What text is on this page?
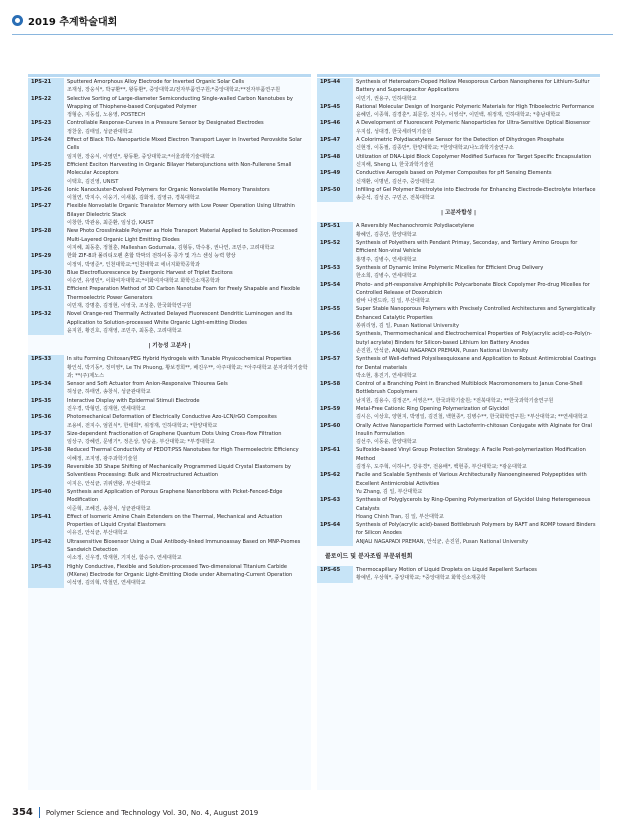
2019 추계학술대회
1PS-21	Sputtered Amorphous Alloy Electrode for Inverted Organic Solar Cells
조재성, 장웅식*, 박규환**, 왕동환*, 중앙대학교/전자부품연구원;*중앙대학교;**전자부품연구원
1PS-22	Selective Sorting of Large-diameter Semiconducting Single-walled Carbon Nanotubes by Wrapping of Thiophene-based Conjugated Polymer
정형순, 지동섭, 노용영, POSTECH
1PS-23	Controllable Response-Curves in a Pressure Sensor by Designated Electrodes
정찬울, 김태일, 성균관대학교
1PS-24	Effect of Black TiO₂ Nanoparticle Mixed Electron Transport Layer in Inverted Perovskite Solar Cells
임지헌, 장웅식, 이영민*, 왕동환, 중앙대학교;*서울과학기술대학교
1PS-25	Efficient Exciton Harvesting in Organic Bilayer Heterojunctions with Non-Fullerene Small Molecular Acceptors
이택호, 김진영, UNIST
1PS-26	Ionic Nanocluster-Evolved Polymers for Organic Nonvolatile Memory Transistors
이철연, 박지수, 이웅기, 이새봄, 김화정, 김영규, 경북대학교
1PS-27	Flexible Nonvolatile Organic Transistor Memory with Low Power Operation Using Ultrathin Bilayer Dielectric Stack
이창한, 박관용, 최준환, 임성갑, KAIST
1PS-28	New Photo Crosslinkable Polymer as Hole Transport Material Applied to Solution-Processed Multi-Layered Organic Light Emitting Diodes
이지혜, 최동훈, 정철훈, Malleshan Godumala, 김형동, 박수홍, 권나연, 조민주, 고려대학교
1PS-29	한화 ZIF-8과 폴리티오펜 혼합 박막의 전하이동 증가 및 가스 센싱 능력 향상
이정익, 박영준*, 인천대학교;*인천대학교 에너지화학공학과
1PS-30	Blue Electrofluorescence by Exergonic Harvest of Triplet Excitons
이승연, 유영민*, 이화여자대학교;*이화여자대학교 화학신소재공학과
1PS-31	Efficient Preparation Method of 3D Carbon Nanotube Foam for Freely Shapable and Flexible Thermoelectric Power Generators
이민재, 강명훈, 김정현, 이영국, 조성훈, 한국화학연구원
1PS-32	Novel Orange-red Thermally Activated Delayed Fluorescent Dendritic Luminogen and Its Application to Solution-processed White Organic Light-emitting Diodes
윤지원, 황진호, 김재영, 조민주, 최동훈, 고려대학교
| 기능성 고분자 |
1PS-33	In situ Forming Chitosan/PEG Hybrid Hydrogels with Tunable Physicochemical Properties
황인석, 박기동*, 정미영*, Le Thi Phuong, 황보경희**, 배진우**, 아주대학교; *아주대학교 분자과학기술학과; **(주)제노스
1PS-34	Sensor and Soft Actuator from Anion-Responsive Thiourea Gels
허성균, 하태연, 송창식, 성균관대학교
1PS-35	Interactive Display with Epidermal Stimuli Electrode
진우경, 박형민, 김재현, 연세대학교
1PS-36	Photomechanical Deformation of Electrically Conductive Azo-LCN/rGO Composites
조용비, 전지수, 엄원식*, 한태희*, 위정재, 인하대학교; *한양대학교
1PS-37	Size-dependent Fractionation of Graphene Quantum Dots Using Cross-flow Filtration
임상구, 강혜린, 문병기*, 정은상, 양승윤, 부산대학교; *부경대학교
1PS-38	Reduced Thermal Conductivity of PEDOT:PSS Nanotubes for High Thermoelectric Efficiency
이혜정, 조지영, 광주과학기술원
1PS-39	Reversible 3D Shape Shifting of Mechanically Programmed Liquid Crystal Elastomers by Solventless Processing: Bulk and Microstructured Actuation
이지은, 안석균, 귀위엔왕, 부산대학교
1PS-40	Synthesis and Application of Porous Graphene Nanoribbons with Picket-Fenced-Edge Modification
이준혁, 조혜진, 송창식, 성균관대학교
1PS-41	Effect of Isomeric Amine Chain Extenders on the Thermal, Mechanical and Actuation Properties of Liquid Crystal Elastomers
이유진, 안석균, 부산대학교
1PS-42	Ultrasensitive Biosensor Using a Dual Antibody-linked Immunoassay Based on MNP-Psomes Sandwich Detection
이소정, 신우경, 박재현, 기지선, 함승주, 연세대학교
1PS-43	Highly Conductive, Flexible and Solution-processed Two-dimensional Titanium Carbide (MXene) Electrode for Organic Light-Emitting Diode under Alternating-Current Operation
이석영, 김의혁, 박철민, 연세대학교
1PS-44	Synthesis of Heteroatom-Doped Hollow Mesoporous Carbon Nanospheres for Lithium-Sulfur Battery and Supercapacitor Applications
이민기, 권용구, 인하대학교
1PS-45	Rational Molecular Design of Inorganic Polymeric Materials for High Triboelectric Performance
윤혜민, 이종혁, 김경훈*, 최문강, 전지수, 이영석*, 이민백, 위정재, 인하대학교; *충남대학교
1PS-46	A Development of Fluorescent Polymeric Nanoparticles for Ultra-Sensitive Optical Biosensor
우지섭, 성대경, 한국세라믹기술원
1PS-47	A Colorimetric Polydiacetylene Sensor for the Detection of Dihydrogen Phosphate
신현정, 이동필, 김종만*, 한양대학교; *한양대학교/나노과학기술연구소
1PS-48	Utilization of DNA-Lipid Block Copolymer Modified Surfaces for Target Specific Encapsulation
신지해, Sheng Li, 한국과학기술원
1PS-49	Conductive Aerogels based on Polymer Composites for pH Sensing Elements
신재환, 이명빈, 김선주, 중앙대학교
1PS-50	Infilling of Gel Polymer Electrolyte into Electrode for Enhancing Electrode-Electrolyte Interface
송준석, 김성곤, 구민곤, 전북대학교
| 고분자합성 |
1PS-51	A Reversibly Mechanochromic Polydiacetylene
황혜인, 김종만, 한양대학교
1PS-52	Synthesis of Polyethers with Pendant Primay, Seconday, and Tertiary Amino Groups for Efficient Non-viral Vehicle
홍명주, 김병수, 연세대학교
1PS-53	Synthesis of Dynamic Imine Polymeric Micelles for Efficient Drug Delivery
한소희, 김병수, 연세대학교
1PS-54	Photo- and pH-responsive Amphiphilic Polycarbonate Block Copolymer Pro-drug Micelles for Controlled Release of Doxorubicin
칼바 나겐드라, 김 일, 부산대학교
1PS-55	Super Stable Nanoporous Polymers with Precisely Controlled Architectures and Synergistically Enhanced Catalytic Properties
쏭위리엉, 김 일, Pusan National University
1PS-56	Synthesis, Thermomechanical and Electrochemical Properties of Poly(acrylic acid)-co-Poly(n-butyl acrylate) Binders for Silicon-based Lithium Ion Battery Anodes
손진원, 안석균, ANJALI NAGAPADI PREMAN, Pusan National University
1PS-57	Synthesis of Well-defined Polysilsesquioxane and Application to Robust Antimicrobial Coatings for Dental materials
박소현, 홍진기, 연세대학교
1PS-58	Control of a Branching Point in Branched Multiblock Macromonomers to Janus Cone-Shell Bottlebrush Copolymers
남지원, 김용수, 김정곤*, 서영은**, 한국과학기술원; *전북대학교; **한국과학기술연구원
1PS-59	Metal-Free Cationic Ring Opening Polymerization of Glycidol
김시은, 이상호, 양현지, 박영일, 김진철, 백현종*, 김병수**, 한국화학연구원; *부산대학교; **연세대학교
1PS-60	Orally Active Nanoparticle Formed with Lactoferrin-chitosan Conjugate with Alginate for Oral Insulin Formulation
김선주, 이동윤, 한양대학교
1PS-61	Sulfoxide-based Vinyl Group Protection Strategy: A Facile Post-polymerization Modification Method
김정우, 도주혁, 이하나*, 강유경*, 전용배*, 백현종, 부산대학교; *광운대학교
1PS-62	Facile and Scalable Synthesis of Various Architecturally Nanoengineered Polypeptides with Excellent Antimicrobial Activities
Yu Zhang, 김 일, 부산대학교
1PS-63	Synthesis of Polyglycerols by Ring-Opening Polymerization of Glycidol Using Heterogeneous Catalysts
Hoang Chinh Tran, 김 일, 부산대학교
1PS-64	Synthesis of Poly(acrylic acid)-based Bottlebrush Polymers by RAFT and ROMP toward Binders for Silicon Anodes
ANJALI NAGAPADI PREMAN, 안석균, 손진원, Pusan National University
콜로이드 및 분자조립 부문위원회
1PS-65	Thermocapillary Motion of Liquid Droplets on Liquid Repellent Surfaces
황예빈, 우상혁*, 중앙대학교; *중앙대학교 화학신소재공학
354 Polymer Science and Technology Vol. 30, No. 4, August 2019
